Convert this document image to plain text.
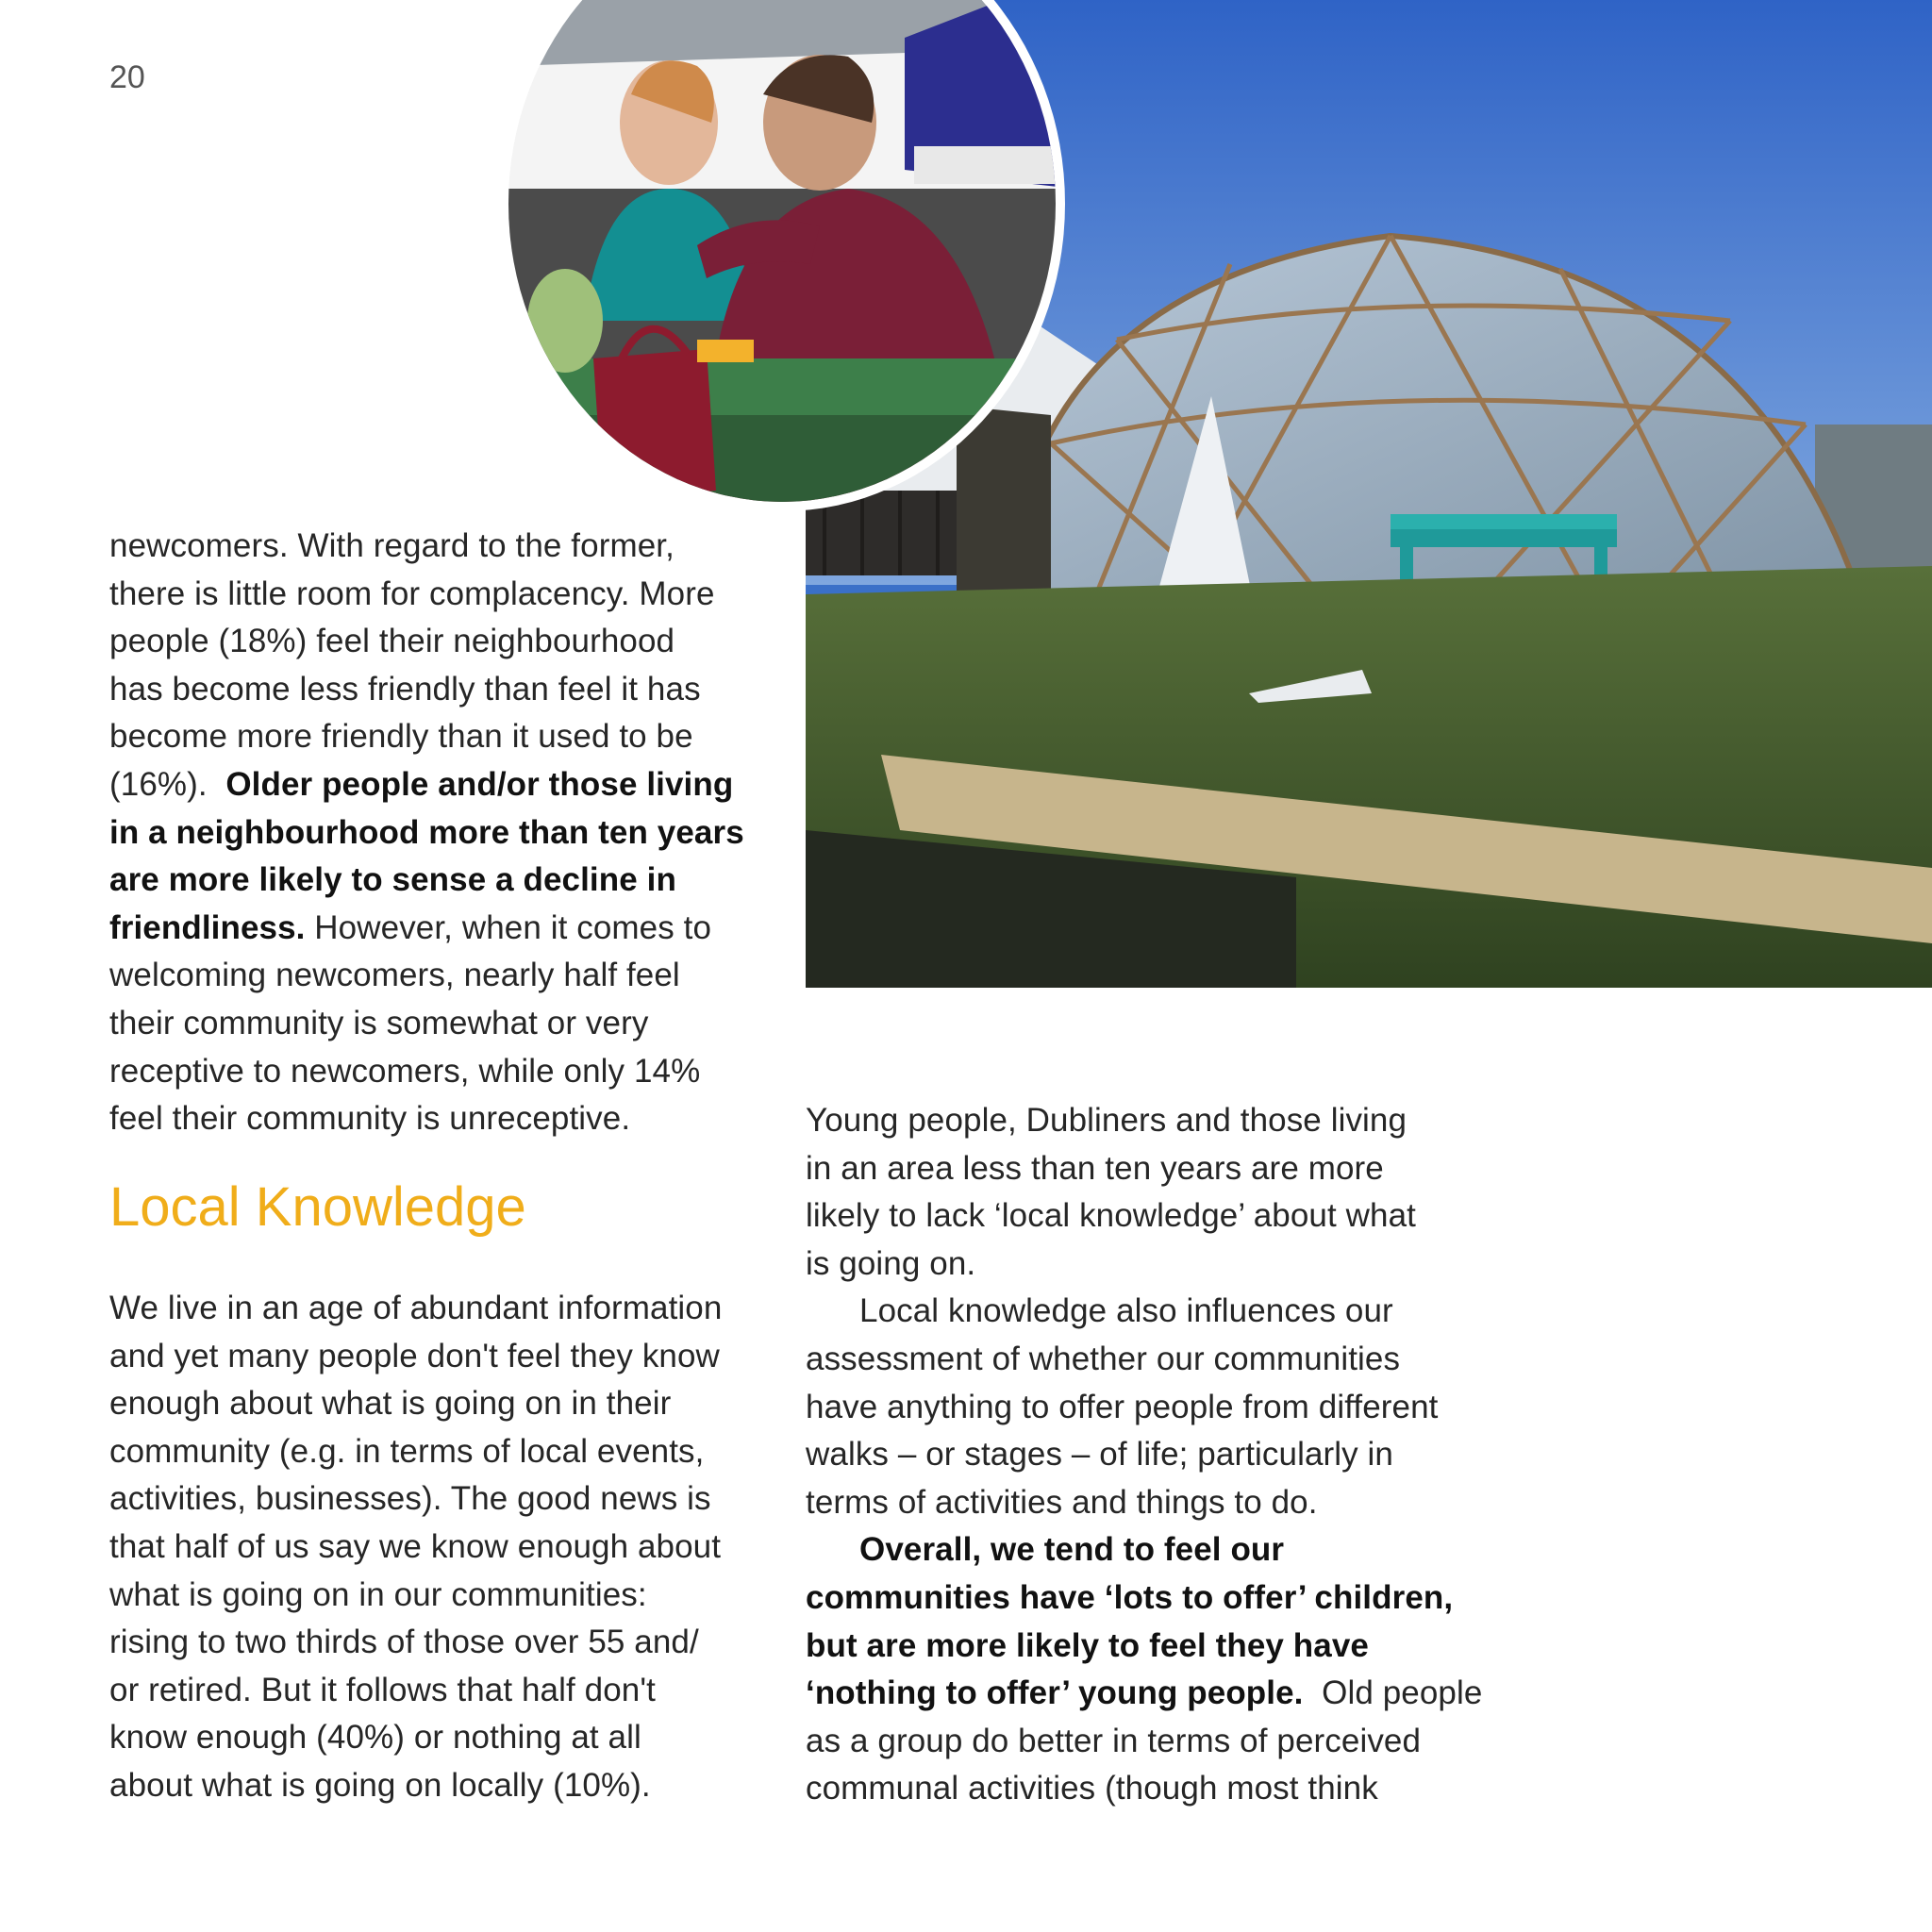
20
newcomers. With regard to the former,
there is little room for complacency. More
people (18%) feel their neighbourhood
has become less friendly than feel it has
become more friendly than it used to be
(16%).  Older people and/or those living
in a neighbourhood more than ten years
are more likely to sense a decline in
friendliness. However, when it comes to
welcoming newcomers, nearly half feel
their community is somewhat or very
receptive to newcomers, while only 14%
feel their community is unreceptive.
Local Knowledge
We live in an age of abundant information
and yet many people don't feel they know
enough about what is going on in their
community (e.g. in terms of local events,
activities, businesses). The good news is
that half of us say we know enough about
what is going on in our communities:
rising to two thirds of those over 55 and/
or retired. But it follows that half don't
know enough (40%) or nothing at all
about what is going on locally (10%).
Young people, Dubliners and those living
in an area less than ten years are more
likely to lack ‘local knowledge’ about what
is going on.
Local knowledge also influences our
assessment of whether our communities
have anything to offer people from different
walks – or stages – of life; particularly in
terms of activities and things to do.
Overall, we tend to feel our
communities have ‘lots to offer’ children,
but are more likely to feel they have
‘nothing to offer’ young people.  Old people
as a group do better in terms of perceived
communal activities (though most think
